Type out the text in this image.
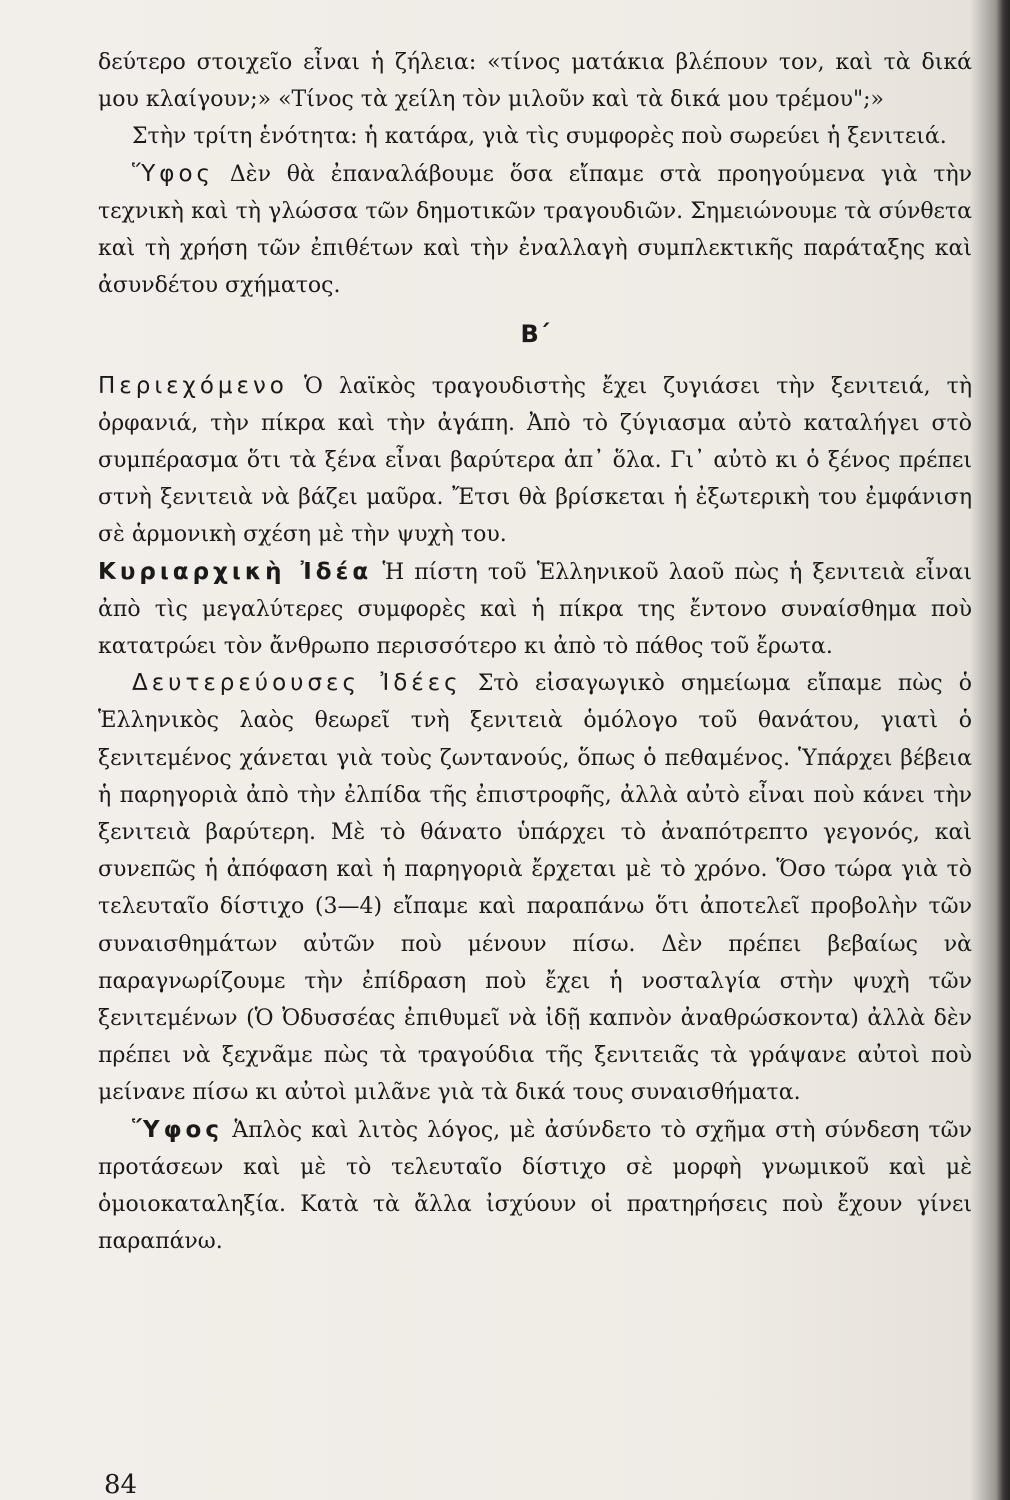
δεύτερο στοιχεῖο εἶναι ἡ ζήλεια: «τίνος ματάκια βλέπουν τον, καὶ τὰ δικά μου κλαίγουν;» «Τίνος τὰ χείλη τὸν μιλοῦν καὶ τὰ δικά μου τρέμου";»

Στὴν τρίτη ἑνότητα: ἡ κατάρα, γιὰ τὶς συμφορὲς ποὺ σωρεύει ἡ ξενιτειά.

Ὕφος Δὲν θὰ ἐπαναλάβουμε ὅσα εἴπαμε στὰ προηγούμενα γιὰ τὴν τεχνικὴ καὶ τὴ γλώσσα τῶν δημοτικῶν τραγουδιῶν. Σημειώνουμε τὰ σύνθετα καὶ τὴ χρήση τῶν ἐπιθέτων καὶ τὴν ἐναλλαγὴ συμπλεκτικῆς παράταξης καὶ ἀσυνδέτου σχήματος.

Β΄

Περιεχόμενο Ὁ λαϊκὸς τραγουδιστὴς ἔχει ζυγιάσει τὴν ξενιτειά, τὴ ὀρφανιά, τὴν πίκρα καὶ τὴν ἀγάπη. Ἀπὸ τὸ ζύγιασμα αὐτὸ καταλήγει στὸ συμπέρασμα ὅτι τὰ ξένα εἶναι βαρύτερα ἀπ᾽ ὅλα. Γι᾽ αὐτὸ κι ὁ ξένος πρέπει στνὴ ξενιτειὰ νὰ βάζει μαῦρα. Ἔτσι θὰ βρίσκεται ἡ ἐξωτερικὴ του ἐμφάνιση σὲ ἁρμονικὴ σχέση μὲ τὴν ψυχὴ του.

Κυριαρχικὴ Ἰδέα Ἡ πίστη τοῦ Ἑλληνικοῦ λαοῦ πὼς ἡ ξενιτειὰ εἶναι ἀπὸ τὶς μεγαλύτερες συμφορὲς καὶ ἡ πίκρα της ἔντονο συναίσθημα ποὺ κατατρώει τὸν ἄνθρωπο περισσότερο κι ἀπὸ τὸ πάθος τοῦ ἔρωτα.

Δευτερεύουσες Ἰδέες Στὸ εἰσαγωγικὸ σημείωμα εἴπαμε πὼς ὁ Ἑλληνικὸς λαὸς θεωρεῖ τνὴ ξενιτειὰ ὁμόλογο τοῦ θανάτου, γιατὶ ὁ ξενιτεμένος χάνεται γιὰ τοὺς ζωντανούς, ὅπως ὁ πεθαμένος. Ὑπάρχει βέβεια ἡ παρηγοριὰ ἀπὸ τὴν ἐλπίδα τῆς ἐπιστροφῆς, ἀλλὰ αὐτὸ εἶναι ποὺ κάνει τὴν ξενιτειὰ βαρύτερη. Μὲ τὸ θάνατο ὑπάρχει τὸ ἀναπότρεπτο γεγονός, καὶ συνεπῶς ἡ ἀπόφαση καὶ ἡ παρηγοριὰ ἔρχεται μὲ τὸ χρόνο. Ὅσο τώρα γιὰ τὸ τελευταῖο δίστιχο (3—4) εἴπαμε καὶ παραπάνω ὅτι ἀποτελεῖ προβολὴν τῶν συναισθημάτων αὐτῶν ποὺ μένουν πίσω. Δὲν πρέπει βεβαίως νὰ παραγνωρίζουμε τὴν ἐπίδραση ποὺ ἔχει ἡ νοσταλγία στὴν ψυχὴ τῶν ξενιτεμένων (Ὁ Ὀδυσσέας ἐπιθυμεῖ νὰ ἰδῇ καπνὸν ἀναθρώσκοντα) ἀλλὰ δὲν πρέπει νὰ ξεχνᾶμε πὼς τὰ τραγούδια τῆς ξενιτειᾶς τὰ γράψανε αὐτοὶ ποὺ μείνανε πίσω κι αὐτοὶ μιλᾶνε γιὰ τὰ δικά τους συναισθήματα.

Ὕφος Ἁπλὸς καὶ λιτὸς λόγος, μὲ ἀσύνδετο τὸ σχῆμα στὴ σύνδεση τῶν προτάσεων καὶ μὲ τὸ τελευταῖο δίστιχο σὲ μορφὴ γνωμικοῦ καὶ μὲ ὁμοιοκαταληξία. Κατὰ τὰ ἄλλα ἰσχύουν οἱ πρατηρήσεις ποὺ ἔχουν γίνει παραπάνω.

84
